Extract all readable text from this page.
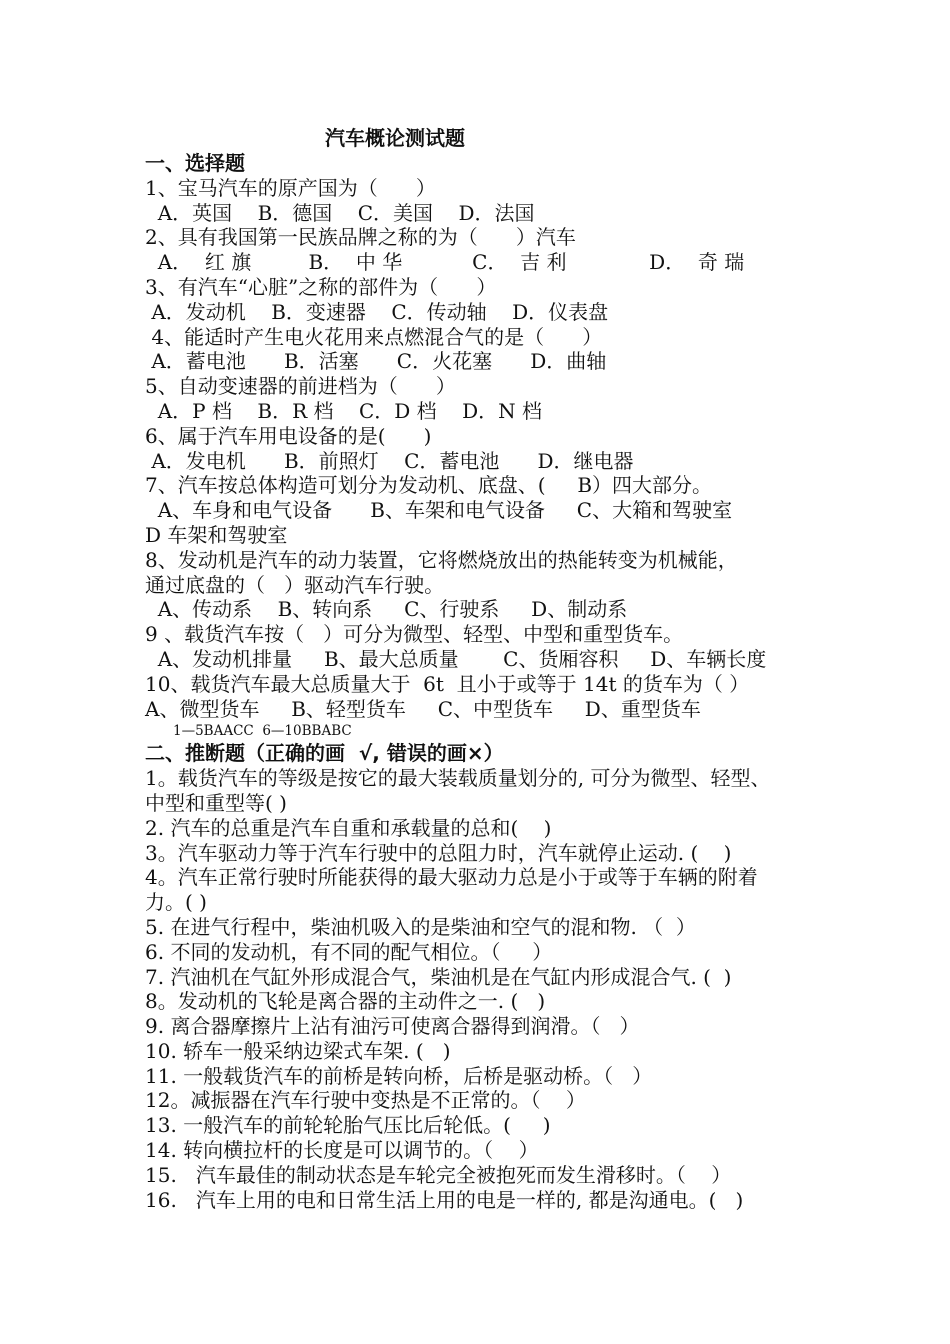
汽车概论测试题
一、选择题
1、宝马汽车的原产国为（      ）
A．英国    B．德国    C．美国    D．法国
2、具有我国第一民族品牌之称的为（      ）汽车
A．  红 旗         B．  中 华           C．  吉 利             D．  奇 瑞
3、有汽车“心脏”之称的部件为（      ）
A．发动机    B．变速器    C．传动轴    D．仪表盘
4、能适时产生电火花用来点燃混合气的是（      ）
A．蓄电池      B．活塞      C．火花塞      D．曲轴
5、自动变速器的前进档为（      ）
A．P 档    B．R 档    C．D 档    D．N 档
6、属于汽车用电设备的是(      )
A．发电机      B．前照灯    C．蓄电池      D．继电器
7、汽车按总体构造可划分为发动机、底盘、(     B）四大部分。
A、车身和电气设备      B、车架和电气设备     C、大箱和驾驶室
D 车架和驾驶室
8、发动机是汽车的动力装置，它将燃烧放出的热能转变为机械能，
通过底盘的（   ）驱动汽车行驶。
A、传动系    B、转向系     C、行驶系     D、制动系
9 、载货汽车按（   ）可分为微型、轻型、中型和重型货车。
A、发动机排量     B、最大总质量       C、货厢容积     D、车辆长度
10、载货汽车最大总质量大于  6t  且小于或等于 14t 的货车为（ ）
A、微型货车     B、轻型货车     C、中型货车     D、重型货车
1—5BAACC  6—10BBABC
二、推断题（正确的画  √, 错误的画×）
1。载货汽车的等级是按它的最大装载质量划分的, 可分为微型、轻型、
中型和重型等( )
2. 汽车的总重是汽车自重和承载量的总和(    )
3。汽车驱动力等于汽车行驶中的总阻力时，汽车就停止运动. (    )
4。汽车正常行驶时所能获得的最大驱动力总是小于或等于车辆的附着
力。( )
5. 在进气行程中，柴油机吸入的是柴油和空气的混和物. （  ）
6. 不同的发动机，有不同的配气相位。（     ）
7. 汽油机在气缸外形成混合气，柴油机是在气缸内形成混合气. (  )
8。发动机的飞轮是离合器的主动件之一. (   )
9. 离合器摩擦片上沾有油污可使离合器得到润滑。（   ）
10. 轿车一般采纳边梁式车架. (   )
11. 一般载货汽车的前桥是转向桥，后桥是驱动桥。（   ）
12。减振器在汽车行驶中变热是不正常的。（    ）
13. 一般汽车的前轮轮胎气压比后轮低。(     )
14. 转向横拉杆的长度是可以调节的。（    ）
15.   汽车最佳的制动状态是车轮完全被抱死而发生滑移时。（    ）
16.   汽车上用的电和日常生活上用的电是一样的, 都是沟通电。(   )
